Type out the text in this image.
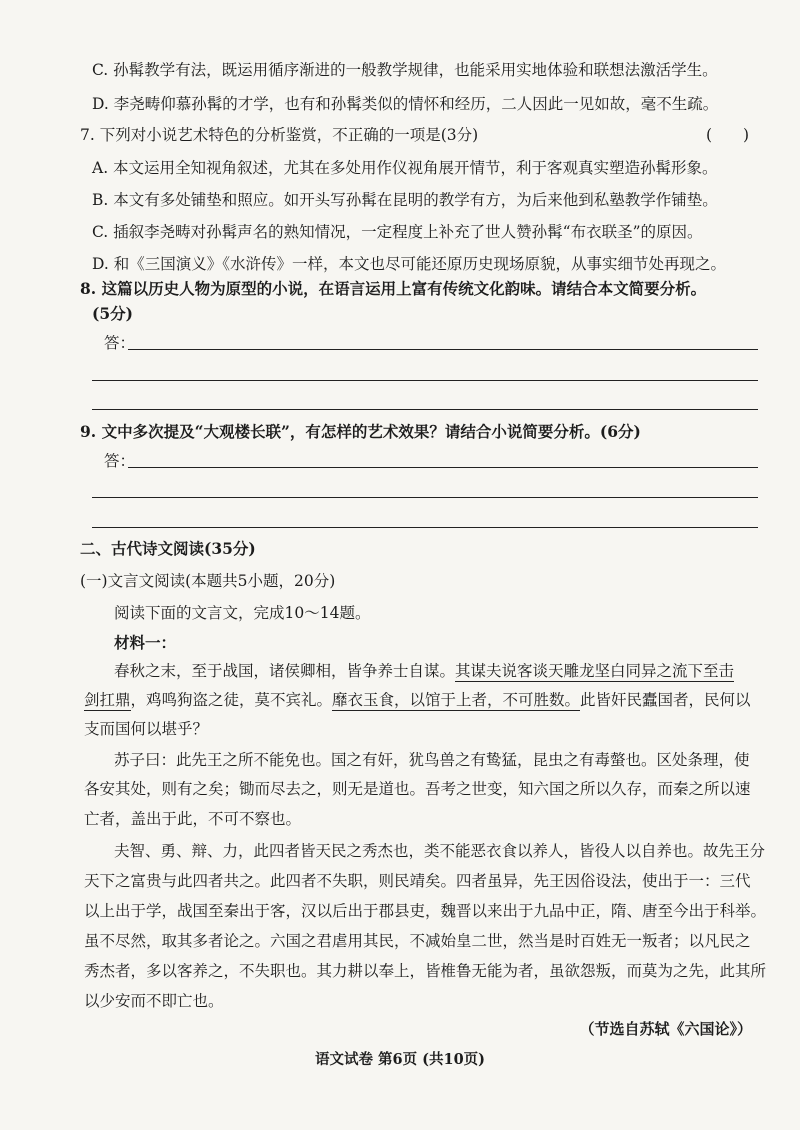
C. 孙髯教学有法，既运用循序渐进的一般教学规律，也能采用实地体验和联想法激活学生。
D. 李尧畴仰慕孙髯的才学，也有和孙髯类似的情怀和经历，二人因此一见如故，毫不生疏。
7. 下列对小说艺术特色的分析鉴赏，不正确的一项是(3分)	(　　)
A. 本文运用全知视角叙述，尤其在多处用作仪视角展开情节，利于客观真实塑造孙髯形象。
B. 本文有多处铺垫和照应。如开头写孙髯在昆明的教学有方，为后来他到私塾教学作铺垫。
C. 插叙李尧畴对孙髯声名的熟知情况，一定程度上补充了世人赞孙髯“布衣联圣”的原因。
D. 和《三国演义》《水浒传》一样，本文也尽可能还原历史现场原貌，从事实细节处再现之。
8. 这篇以历史人物为原型的小说，在语言运用上富有传统文化韵味。请结合本文简要分析。
(5分)
答：
9. 文中多次提及“大观楼长联”，有怎样的艺术效果？请结合小说简要分析。(6分)
答：
二、古代诗文阅读(35分)
(一)文言文阅读(本题共5小题，20分)
阅读下面的文言文，完成10～14题。
材料一：
春秋之末，至于战国，诸侯卿相，皆争养士自谋。其谋夫说客谈天雕龙坚白同异之流下至击
剑扛鼎，鸡鸣狗盗之徒，莫不宾礼。靡衣玉食，以馆于上者，不可胜数。此皆奸民蠹国者，民何以
支而国何以堪乎？
苏子曰：此先王之所不能免也。国之有奸，犹鸟兽之有鸷猛，昆虫之有毒螫也。区处条理，使
各安其处，则有之矣；锄而尽去之，则无是道也。吾考之世变，知六国之所以久存，而秦之所以速
亡者，盖出于此，不可不察也。
夫智、勇、辩、力，此四者皆天民之秀杰也，类不能恶衣食以养人，皆役人以自养也。故先王分
天下之富贵与此四者共之。此四者不失职，则民靖矣。四者虽异，先王因俗设法，使出于一：三代
以上出于学，战国至秦出于客，汉以后出于郡县吏，魏晋以来出于九品中正，隋、唐至今出于科举。
虽不尽然，取其多者论之。六国之君虐用其民，不减始皇二世，然当是时百姓无一叛者；以凡民之
秀杰者，多以客养之，不失职也。其力耕以奉上，皆椎鲁无能为者，虽欲怨叛，而莫为之先，此其所
以少安而不即亡也。
（节选自苏轼《六国论》）
语文试卷 第6页 (共10页)
